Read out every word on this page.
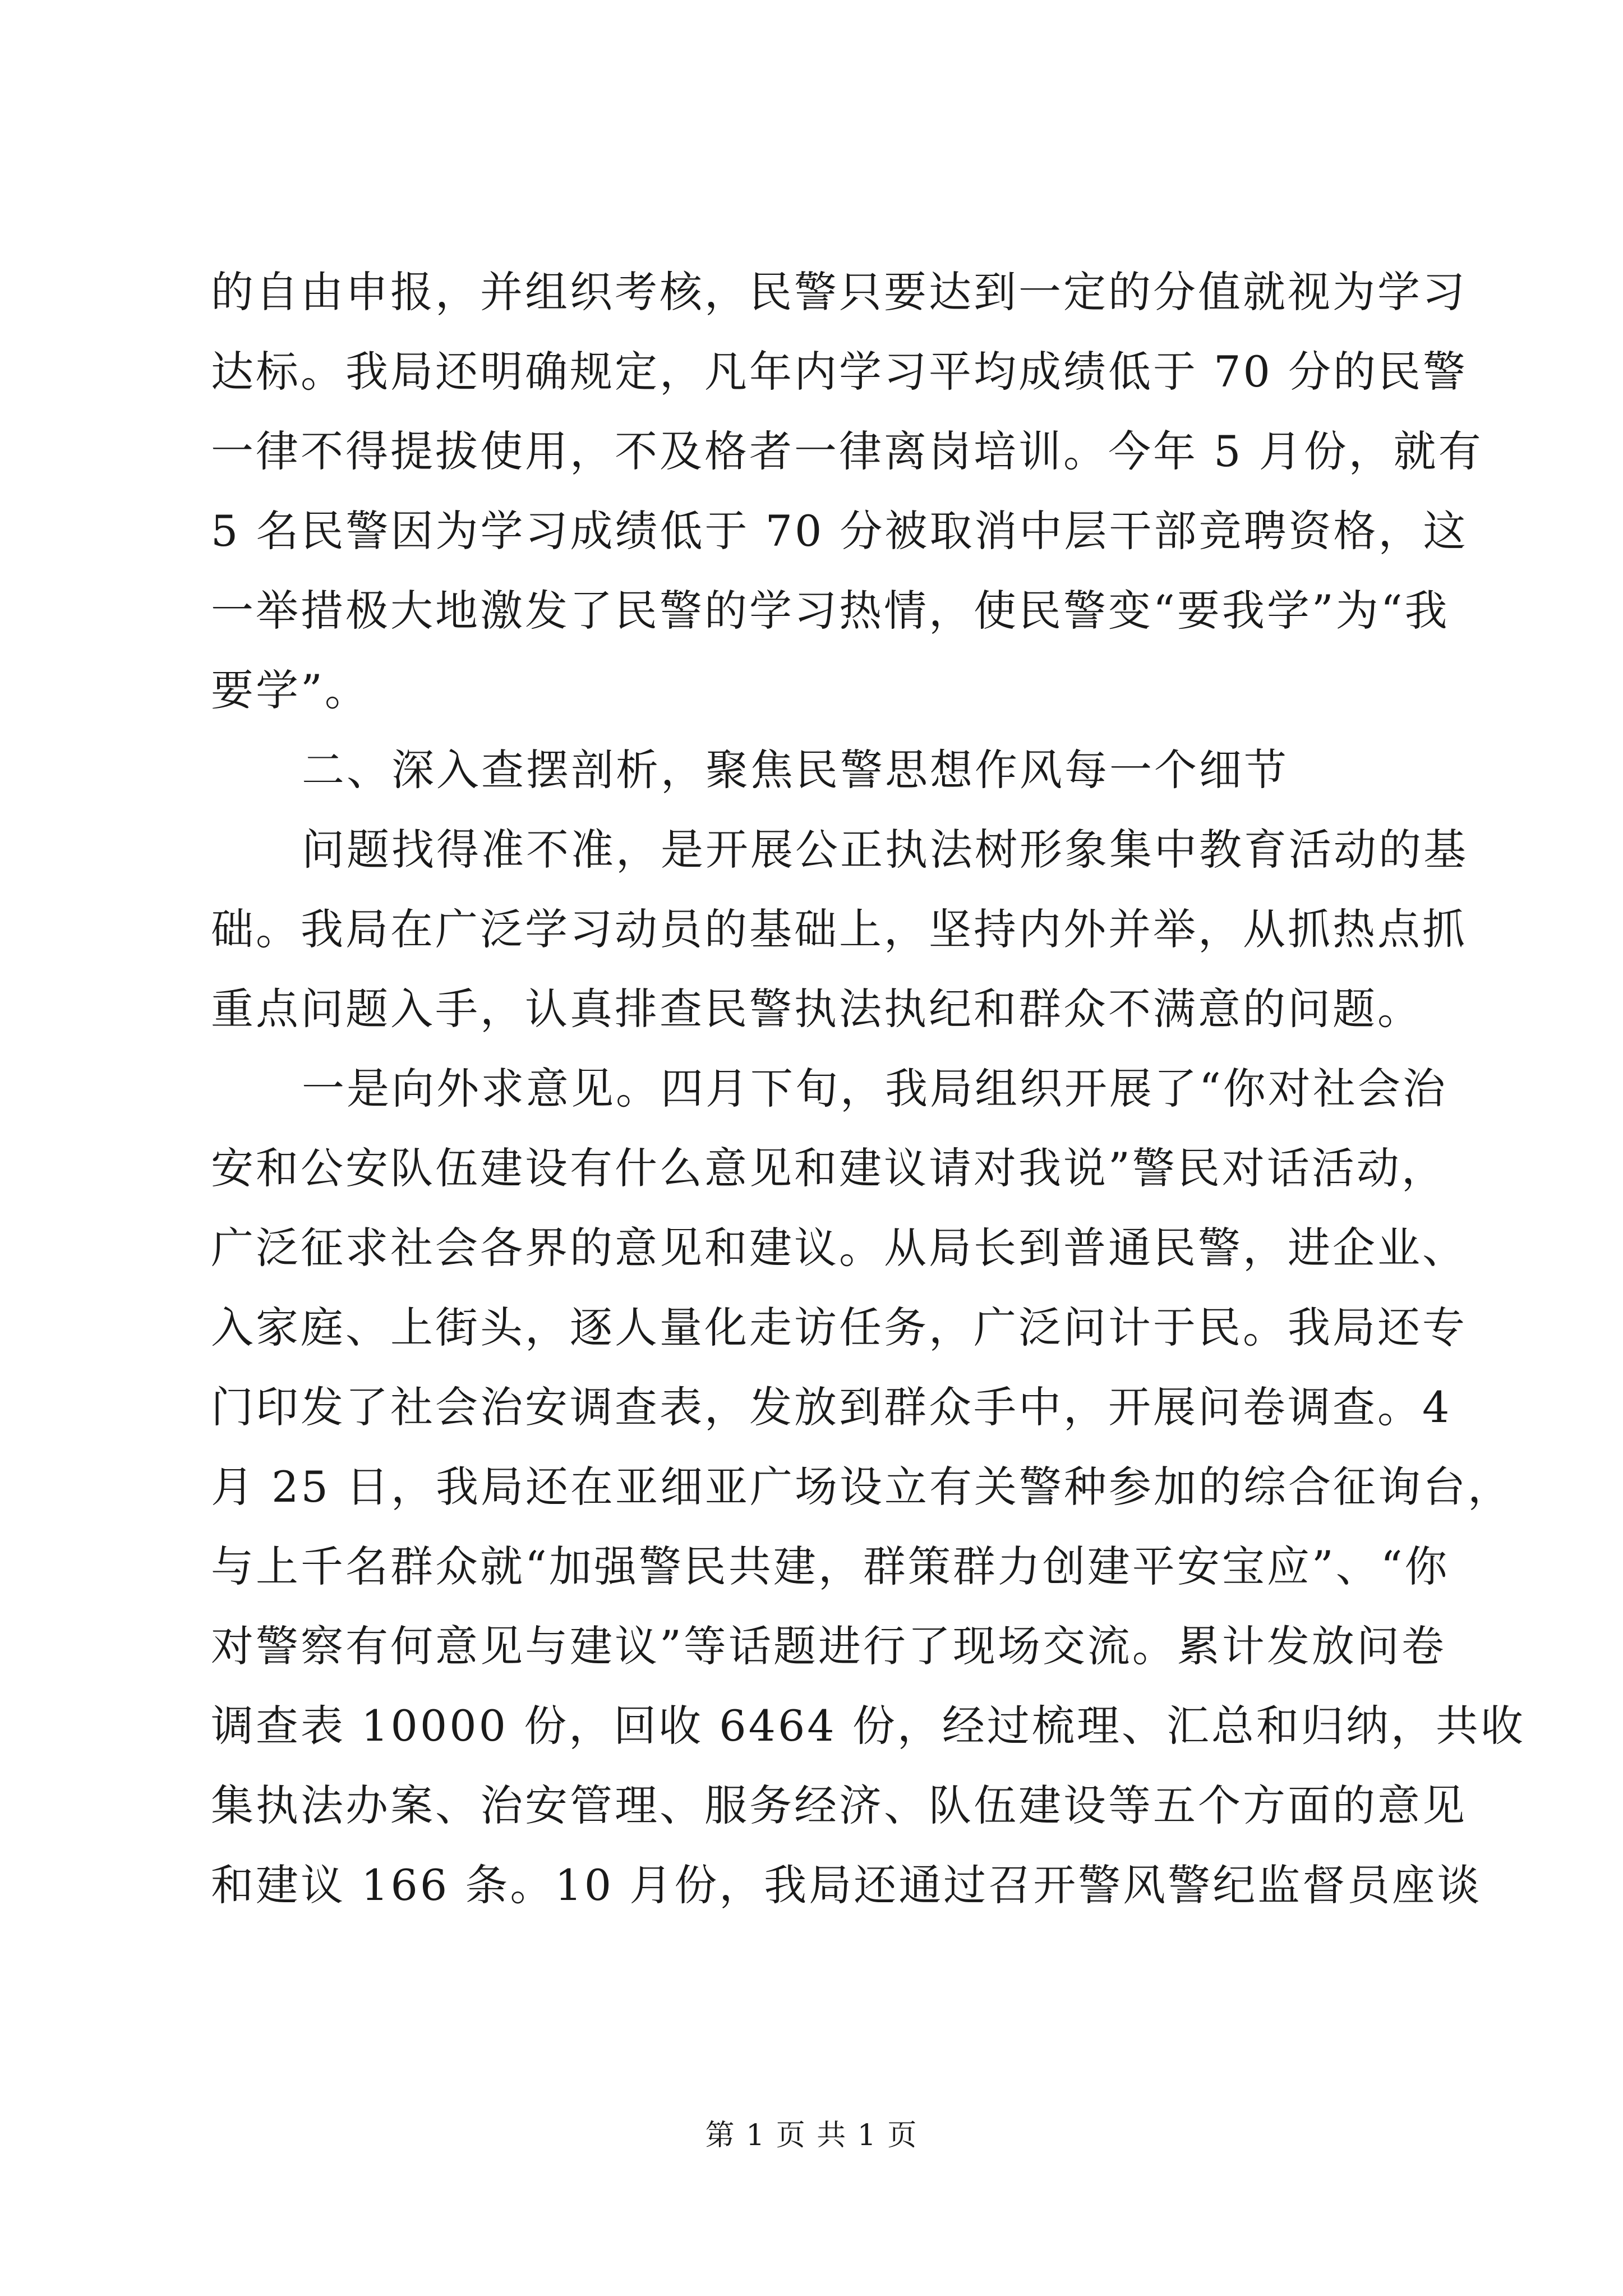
的自由申报，并组织考核，民警只要达到一定的分值就视为学习
达标。我局还明确规定，凡年内学习平均成绩低于 70 分的民警
一律不得提拔使用，不及格者一律离岗培训。今年 5 月份，就有
5 名民警因为学习成绩低于 70 分被取消中层干部竞聘资格，这
一举措极大地激发了民警的学习热情，使民警变“要我学”为“我
要学”。
二、深入查摆剖析，聚焦民警思想作风每一个细节
问题找得准不准，是开展公正执法树形象集中教育活动的基
础。我局在广泛学习动员的基础上，坚持内外并举，从抓热点抓
重点问题入手，认真排查民警执法执纪和群众不满意的问题。
一是向外求意见。四月下旬，我局组织开展了“你对社会治
安和公安队伍建设有什么意见和建议请对我说”警民对话活动，
广泛征求社会各界的意见和建议。从局长到普通民警，进企业、
入家庭、上街头，逐人量化走访任务，广泛问计于民。我局还专
门印发了社会治安调查表，发放到群众手中，开展问卷调查。4
月 25 日，我局还在亚细亚广场设立有关警种参加的综合征询台，
与上千名群众就“加强警民共建，群策群力创建平安宝应”、“你
对警察有何意见与建议”等话题进行了现场交流。累计发放问卷
调查表 10000 份，回收 6464 份，经过梳理、汇总和归纳，共收
集执法办案、治安管理、服务经济、队伍建设等五个方面的意见
和建议 166 条。10 月份，我局还通过召开警风警纪监督员座谈
第 1 页 共 1 页
